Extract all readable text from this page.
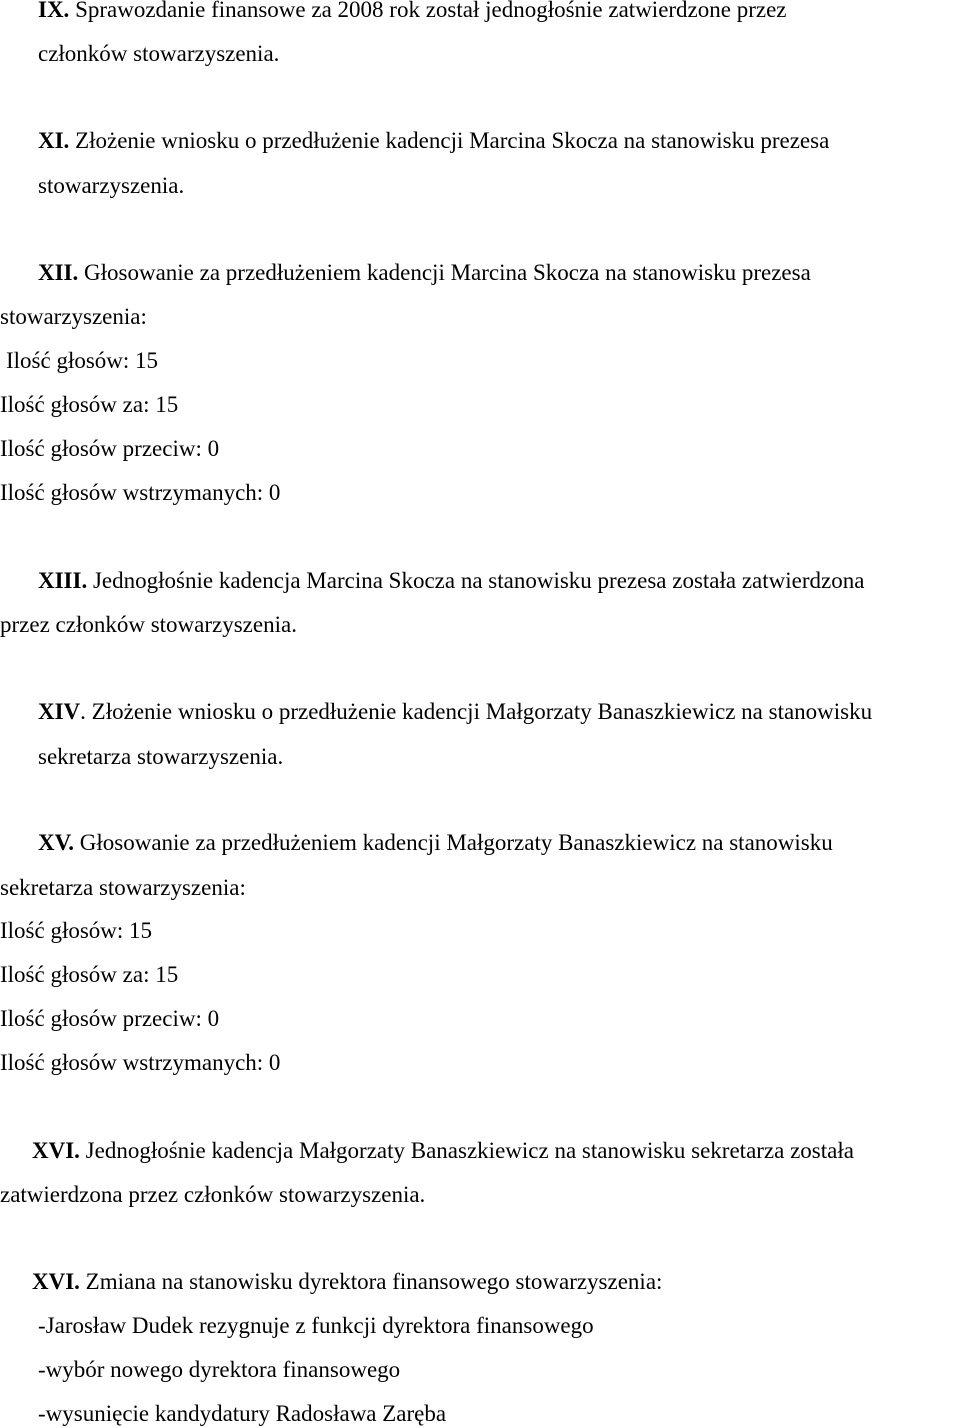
IX. Sprawozdanie finansowe za 2008 rok został jednogłośnie zatwierdzone przez
członków stowarzyszenia.
XI. Złożenie wniosku o przedłużenie kadencji Marcina Skocza na stanowisku prezesa
stowarzyszenia.
XII. Głosowanie za przedłużeniem kadencji Marcina Skocza na stanowisku prezesa
stowarzyszenia:
Ilość głosów: 15
Ilość głosów za: 15
Ilość głosów przeciw: 0
Ilość głosów wstrzymanych: 0
XIII. Jednogłośnie kadencja Marcina Skocza na stanowisku prezesa została zatwierdzona
przez członków stowarzyszenia.
XIV. Złożenie wniosku o przedłużenie kadencji Małgorzaty Banaszkiewicz na stanowisku
sekretarza stowarzyszenia.
XV. Głosowanie za przedłużeniem kadencji Małgorzaty Banaszkiewicz na stanowisku
sekretarza stowarzyszenia:
Ilość głosów: 15
Ilość głosów za: 15
Ilość głosów przeciw: 0
Ilość głosów wstrzymanych: 0
XVI. Jednogłośnie kadencja Małgorzaty Banaszkiewicz na stanowisku sekretarza została
zatwierdzona przez członków stowarzyszenia.
XVI. Zmiana na stanowisku dyrektora finansowego stowarzyszenia:
-Jarosław Dudek rezygnuje z funkcji dyrektora finansowego
-wybór nowego dyrektora finansowego
-wysunięcie kandydatury Radosława Zaręba
